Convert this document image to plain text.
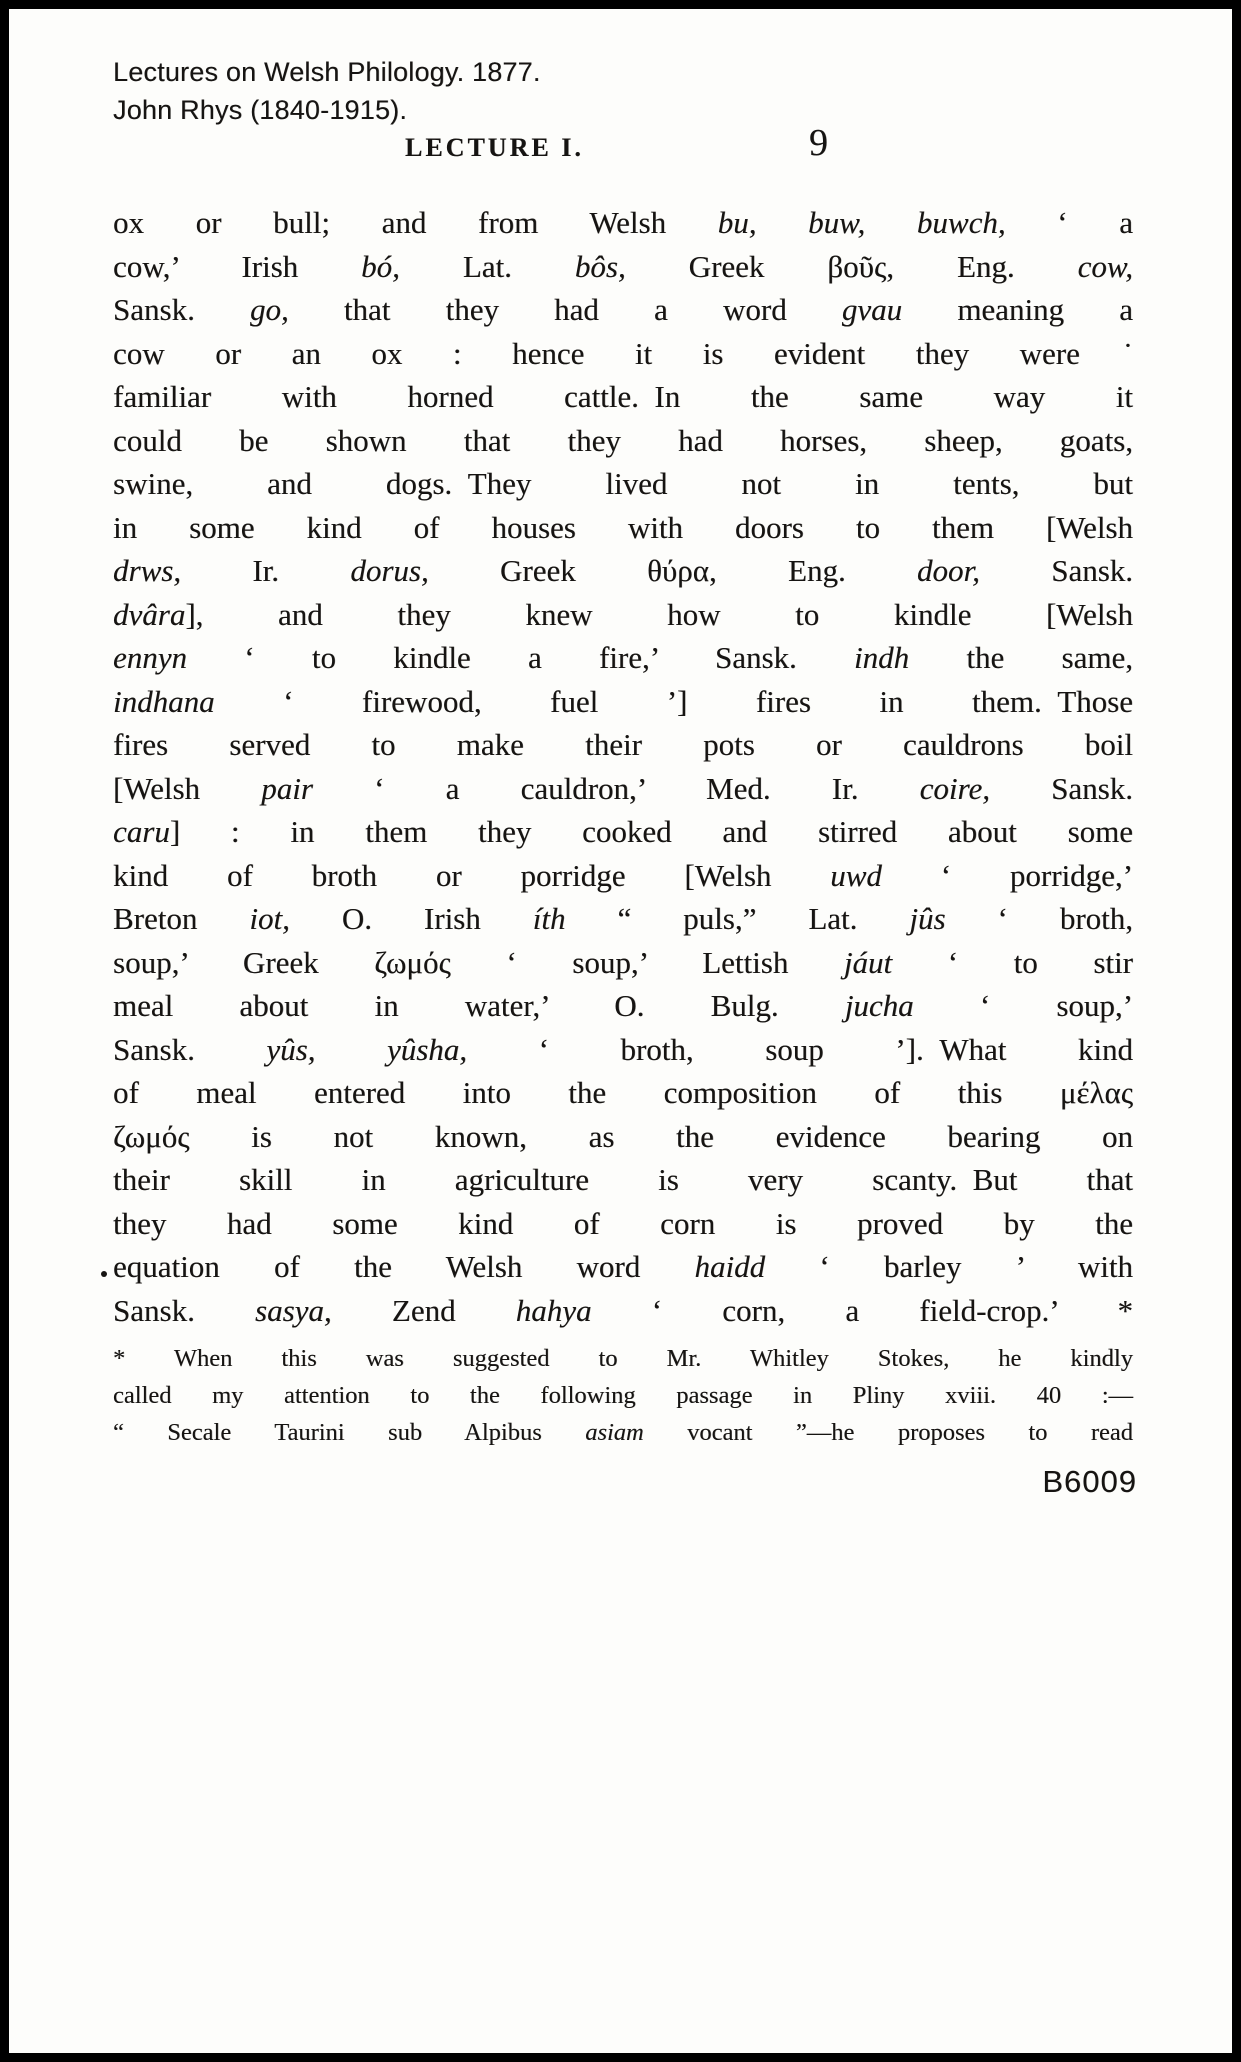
Lectures on Welsh Philology. 1877.
John Rhys (1840-1915).
LECTURE I.	9
ox or bull; and from Welsh bu, buw, buwch, ‘ a
cow,’ Irish bó, Lat. bôs, Greek βοῦς, Eng. cow,
Sansk. go, that they had a word gvau meaning a
cow or an ox : hence it is evident they were˙
familiar with horned cattle. In the same way it
could be shown that they had horses, sheep, goats,
swine, and dogs. They lived not in tents, but
in some kind of houses with doors to them [Welsh
drws, Ir. dorus, Greek θύρα, Eng. door, Sansk.
dvâra], and they knew how to kindle [Welsh
ennyn ‘ to kindle a fire,’ Sansk. indh the same,
indhana ‘ firewood, fuel ’] fires in them. Those
fires served to make their pots or cauldrons boil
[Welsh pair ‘ a cauldron,’ Med. Ir. coire, Sansk.
caru] : in them they cooked and stirred about some
kind of broth or porridge [Welsh uwd ‘ porridge,’
Breton iot, O. Irish íth “ puls,” Lat. jûs ‘ broth,
soup,’ Greek ζωμός ‘ soup,’ Lettish jáut ‘ to stir
meal about in water,’ O. Bulg. jucha ‘ soup,’
Sansk. yûs, yûsha, ‘ broth, soup ’]. What kind
of meal entered into the composition of this μέλας
ζωμός is not known, as the evidence bearing on
their skill in agriculture is very scanty. But that
they had some kind of corn is proved by the
equation of the Welsh word haidd ‘ barley ’ with
Sansk. sasya, Zend hahya ‘ corn, a field-crop.’ *
* When this was suggested to Mr. Whitley Stokes, he kindly
called my attention to the following passage in Pliny xviii. 40 :—
“ Secale Taurini sub Alpibus asiam vocant ”—he proposes to read
B6009
